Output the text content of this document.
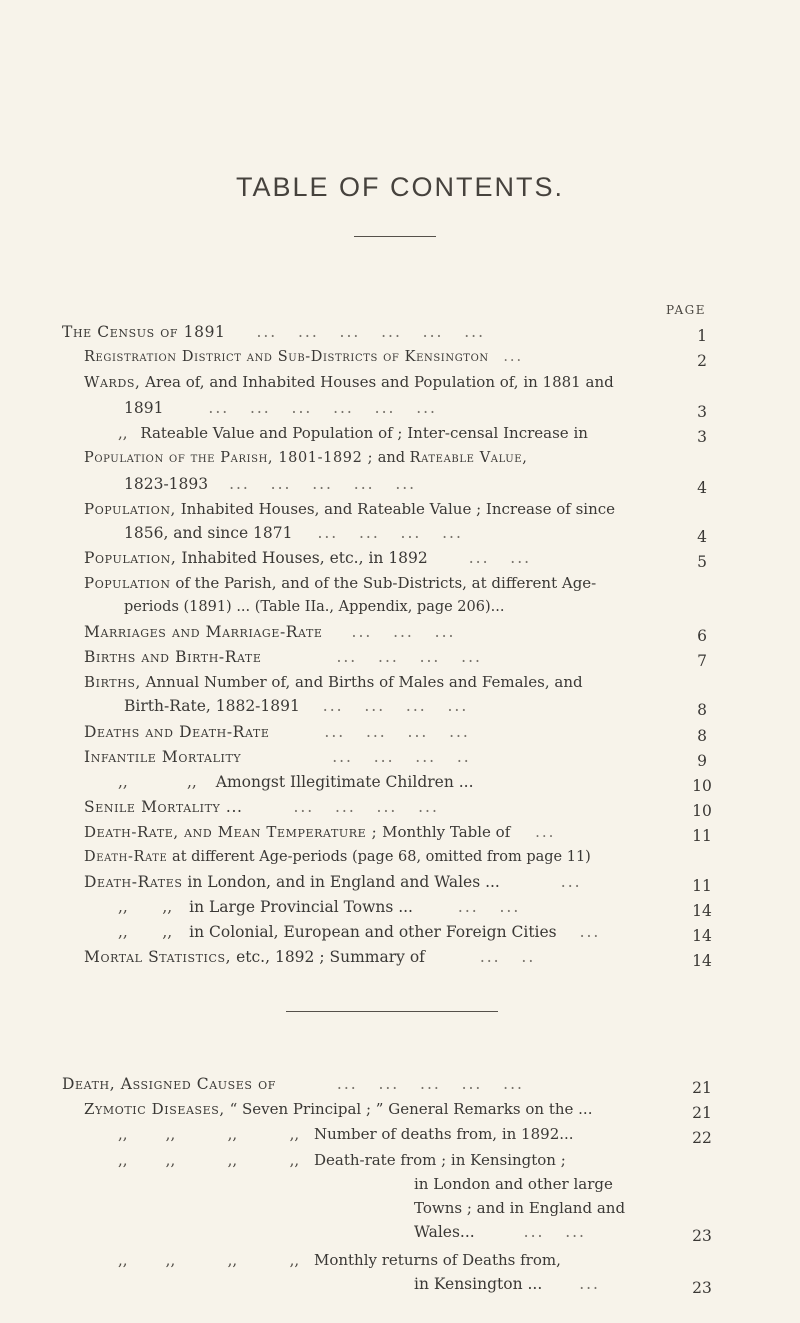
TABLE OF CONTENTS.
PAGE
The Census of 1891 ...   ...   ...   ...   ...   ...	1
Registration District and Sub-Districts of Kensington ...	2
Wards, Area of, and Inhabited Houses and Population of, in 1881 and
1891	...   ...   ...   ...   ...   ...	3
,, Rateable Value and Population of ; Inter-censal Increase in	3
Population of the Parish, 1801-1892 ; and Rateable Value,
1823-1893 ...   ...   ...   ...   ...	4
Population, Inhabited Houses, and Rateable Value ; Increase of since
1856, and since 1871 ...   ...   ...   ...	4
Population, Inhabited Houses, etc., in 1892	...   ...	5
Population of the Parish, and of the Sub-Districts, at different Age-
periods (1891) ... (Table IIa., Appendix, page 206)...
Marriages and Marriage-Rate ...   ...   ...	6
Births and Birth-Rate	...   ...   ...   ...	7
Births, Annual Number of, and Births of Males and Females, and
Birth-Rate, 1882-1891 ...   ...   ...   ...	8
Deaths and Death-Rate	...   ...   ...   ...	8
Infantile Mortality	...   ...   ...   ..	9
,,            ,, Amongst Illegitimate Children ...	10
Senile Mortality ...	...   ...   ...   ...	10
Death-Rate, and Mean Temperature ; Monthly Table of ...	11
Death-Rate at different Age-periods (page 68, omitted from page 11)
Death-Rates in London, and in England and Wales ...	...	11
,,       ,, in Large Provincial Towns ...	...   ...	14
,,       ,, in Colonial, European and other Foreign Cities ...	14
Mortal Statistics, etc., 1892 ; Summary of	...   ..	14
Death, Assigned Causes of	...   ...   ...   ...   ...	21
Zymotic Diseases, “ Seven Principal ; ” General Remarks on the ...	21
,,        ,,           ,,           ,, Number of deaths from, in 1892...	22
,,        ,,           ,,           ,, Death-rate from ; in Kensington ;
in London and other large
Towns ; and in England and
Wales...	...   ...	23
,,        ,,           ,,           ,, Monthly returns of Deaths from,
in Kensington ... ...	23
